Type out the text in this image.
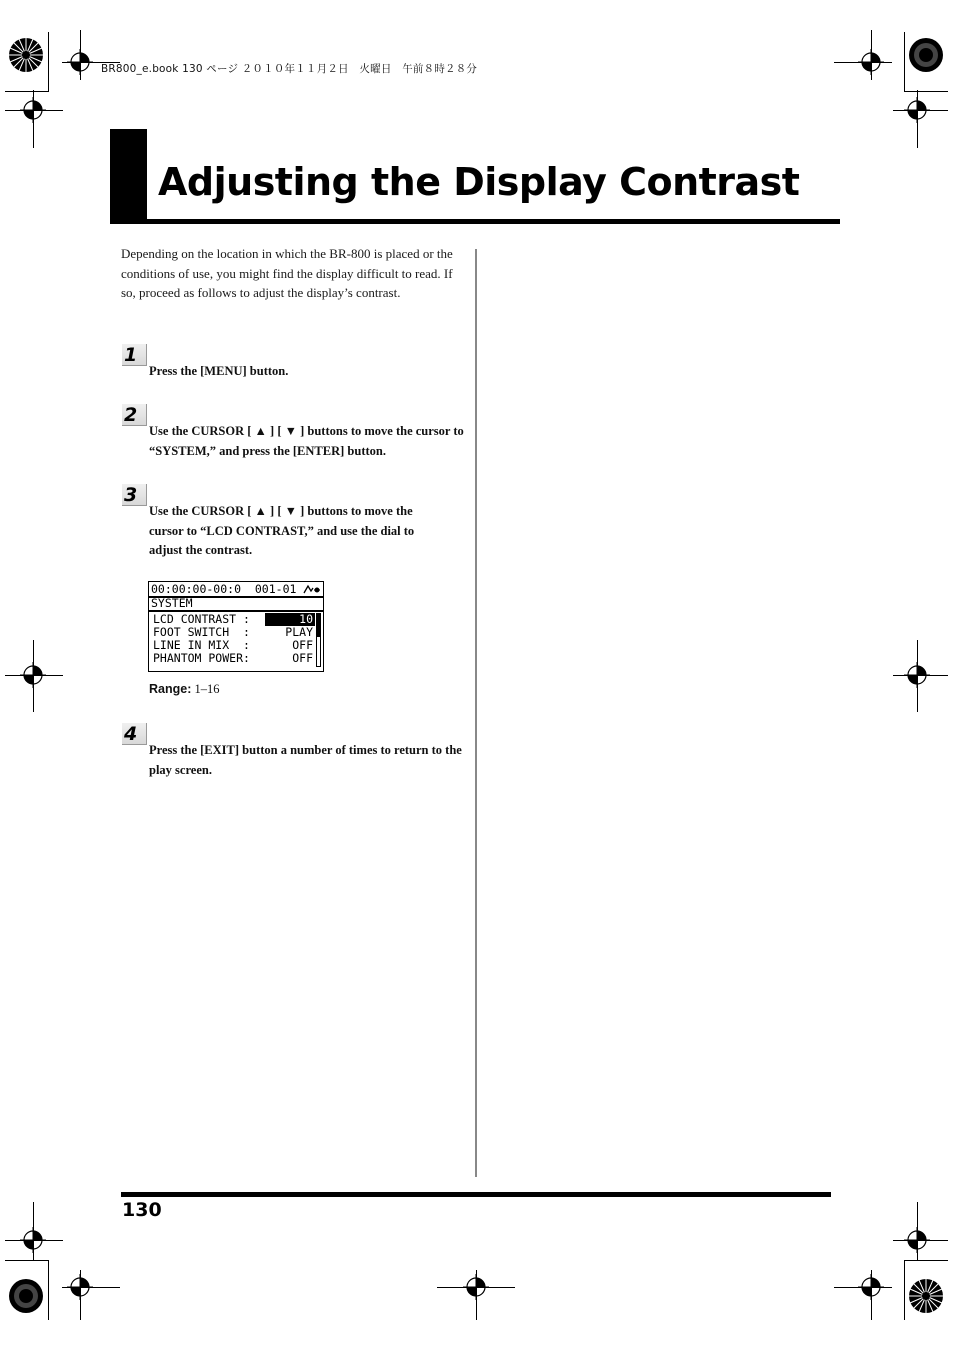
BR800_e.book 130 ページ ２０１０年１１月２日　火曜日　午前８時２８分
Adjusting the Display Contrast

Depending on the location in which the BR-800 is placed or the conditions of use, you might find the display difficult to read. If so, proceed as follows to adjust the display’s contrast.

1

Press the [MENU] button.

2

Use the CURSOR [ ▲ ] [ ▼ ] buttons to move the cursor to “SYSTEM,” and press the [ENTER] button.

3

Use the CURSOR [ ▲ ] [ ▼ ] buttons to move the cursor to “LCD CONTRAST,” and use the dial to adjust the contrast.

00:00:00-00:0 001-01
SYSTEM
LCD CONTRAST :	10
FOOT SWITCH  :	PLAY
LINE IN MIX  :	OFF
PHANTOM POWER:	OFF
Range: 1–16
4

Press the [EXIT] button a number of times to return to the play screen.

130
